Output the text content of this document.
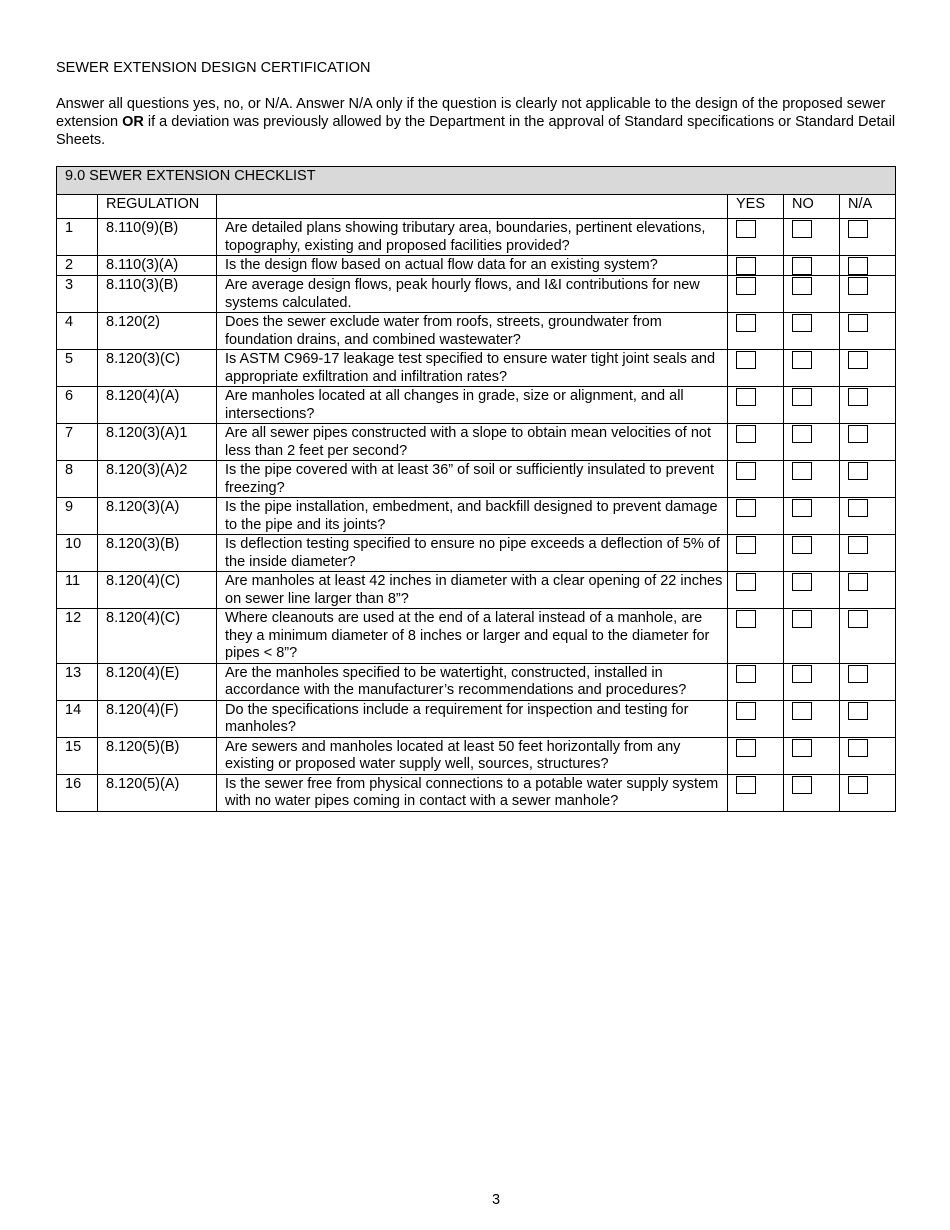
SEWER EXTENSION DESIGN CERTIFICATION
Answer all questions yes, no, or N/A. Answer N/A only if the question is clearly not applicable to the design of the proposed sewer extension OR if a deviation was previously allowed by the Department in the approval of Standard specifications or Standard Detail Sheets.
9.0 SEWER EXTENSION CHECKLIST					
	REGULATION		YES	NO	N/A
1	8.110(9)(B)	Are detailed plans showing tributary area, boundaries, pertinent elevations, topography, existing and proposed facilities provided?			
2	8.110(3)(A)	Is the design flow based on actual flow data for an existing system?			
3	8.110(3)(B)	Are average design flows, peak hourly flows, and I&I contributions for new systems calculated.			
4	8.120(2)	Does the sewer exclude water from roofs, streets, groundwater from foundation drains, and combined wastewater?			
5	8.120(3)(C)	Is ASTM C969-17 leakage test specified to ensure water tight joint seals and appropriate exfiltration and infiltration rates?			
6	8.120(4)(A)	Are manholes located at all changes in grade, size or alignment, and all intersections?			
7	8.120(3)(A)1	Are all sewer pipes constructed with a slope to obtain mean velocities of not less than 2 feet per second?			
8	8.120(3)(A)2	Is the pipe covered with at least 36” of soil or sufficiently insulated to prevent freezing?			
9	8.120(3)(A)	Is the pipe installation, embedment, and backfill designed to prevent damage to the pipe and its joints?			
10	8.120(3)(B)	Is deflection testing specified to ensure no pipe exceeds a deflection of 5% of the inside diameter?			
11	8.120(4)(C)	Are manholes at least 42 inches in diameter with a clear opening of 22 inches on sewer line larger than 8”?			
12	8.120(4)(C)	Where cleanouts are used at the end of a lateral instead of a manhole, are they a minimum diameter of 8 inches or larger and equal to the diameter for pipes < 8”?			
13	8.120(4)(E)	Are the manholes specified to be watertight, constructed, installed in accordance with the manufacturer’s recommendations and procedures?			
14	8.120(4)(F)	Do the specifications include a requirement for inspection and testing for manholes?			
15	8.120(5)(B)	Are sewers and manholes located at least 50 feet horizontally from any existing or proposed water supply well, sources, structures?			
16	8.120(5)(A)	Is the sewer free from physical connections to a potable water supply system with no water pipes coming in contact with a sewer manhole?			
3
